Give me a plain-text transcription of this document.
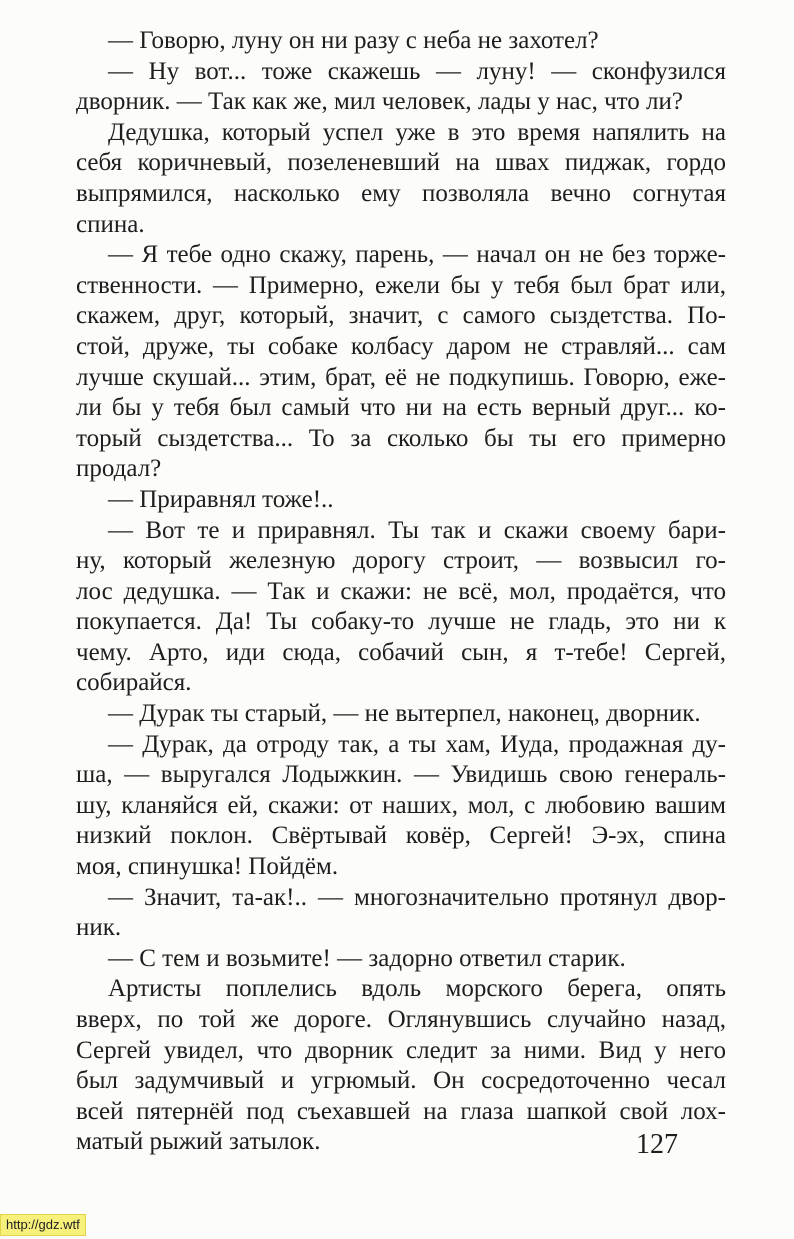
— Говорю, луну он ни разу с неба не захотел?
— Ну вот... тоже скажешь — луну! — сконфузился
дворник. — Так как же, мил человек, лады у нас, что ли?
Дедушка, который успел уже в это время напялить на
себя коричневый, позеленевший на швах пиджак, гордо
выпрямился, насколько ему позволяла вечно согнутая
спина.
— Я тебе одно скажу, парень, — начал он не без торже-
ственности. — Примерно, ежели бы у тебя был брат или,
скажем, друг, который, значит, с самого сыздетства. По-
стой, друже, ты собаке колбасу даром не стравляй... сам
лучше скушай... этим, брат, её не подкупишь. Говорю, еже-
ли бы у тебя был самый что ни на есть верный друг... ко-
торый сыздетства... То за сколько бы ты его примерно
продал?
— Приравнял тоже!..
— Вот те и приравнял. Ты так и скажи своему бари-
ну, который железную дорогу строит, — возвысил го-
лос дедушка. — Так и скажи: не всё, мол, продаётся, что
покупается. Да! Ты собаку-то лучше не гладь, это ни к
чему. Арто, иди сюда, собачий сын, я т-тебе! Сергей,
собирайся.
— Дурак ты старый, — не вытерпел, наконец, дворник.
— Дурак, да отроду так, а ты хам, Иуда, продажная ду-
ша, — выругался Лодыжкин. — Увидишь свою генераль-
шу, кланяйся ей, скажи: от наших, мол, с любовию вашим
низкий поклон. Свёртывай ковёр, Сергей! Э-эх, спина
моя, спинушка! Пойдём.
— Значит, та-ак!.. — многозначительно протянул двор-
ник.
— С тем и возьмите! — задорно ответил старик.
Артисты поплелись вдоль морского берега, опять
вверх, по той же дороге. Оглянувшись случайно назад,
Сергей увидел, что дворник следит за ними. Вид у него
был задумчивый и угрюмый. Он сосредоточенно чесал
всей пятернёй под съехавшей на глаза шапкой свой лох-
матый рыжий затылок.	127
http://gdz.wtf
